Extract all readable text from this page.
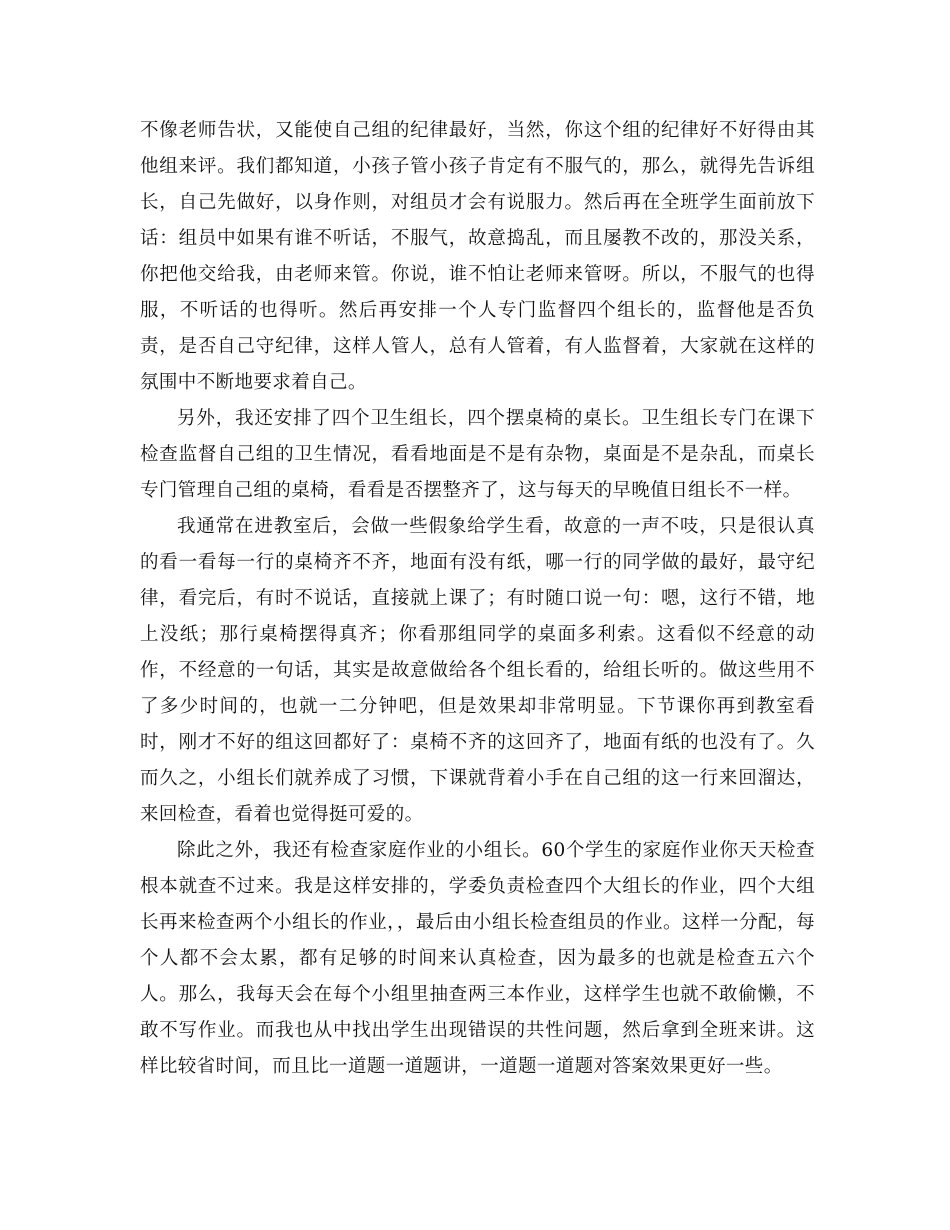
不像老师告状，又能使自己组的纪律最好，当然，你这个组的纪律好不好得由其他组来评。我们都知道，小孩子管小孩子肯定有不服气的，那么，就得先告诉组长，自己先做好，以身作则，对组员才会有说服力。然后再在全班学生面前放下话：组员中如果有谁不听话，不服气，故意捣乱，而且屡教不改的，那没关系，你把他交给我，由老师来管。你说，谁不怕让老师来管呀。所以，不服气的也得服，不听话的也得听。然后再安排一个人专门监督四个组长的，监督他是否负责，是否自己守纪律，这样人管人，总有人管着，有人监督着，大家就在这样的氛围中不断地要求着自己。

另外，我还安排了四个卫生组长，四个摆桌椅的桌长。卫生组长专门在课下检查监督自己组的卫生情况，看看地面是不是有杂物，桌面是不是杂乱，而桌长专门管理自己组的桌椅，看看是否摆整齐了，这与每天的早晚值日组长不一样。

我通常在进教室后，会做一些假象给学生看，故意的一声不吱，只是很认真的看一看每一行的桌椅齐不齐，地面有没有纸，哪一行的同学做的最好，最守纪律，看完后，有时不说话，直接就上课了；有时随口说一句：嗯，这行不错，地上没纸；那行桌椅摆得真齐；你看那组同学的桌面多利索。这看似不经意的动作，不经意的一句话，其实是故意做给各个组长看的，给组长听的。做这些用不了多少时间的，也就一二分钟吧，但是效果却非常明显。下节课你再到教室看时，刚才不好的组这回都好了：桌椅不齐的这回齐了，地面有纸的也没有了。久而久之，小组长们就养成了习惯，下课就背着小手在自己组的这一行来回溜达，来回检查，看着也觉得挺可爱的。

除此之外，我还有检查家庭作业的小组长。60个学生的家庭作业你天天检查根本就查不过来。我是这样安排的，学委负责检查四个大组长的作业，四个大组长再来检查两个小组长的作业，，最后由小组长检查组员的作业。这样一分配，每个人都不会太累，都有足够的时间来认真检查，因为最多的也就是检查五六个人。那么，我每天会在每个小组里抽查两三本作业，这样学生也就不敢偷懒，不敢不写作业。而我也从中找出学生出现错误的共性问题，然后拿到全班来讲。这样比较省时间，而且比一道题一道题讲，一道题一道题对答案效果更好一些。
